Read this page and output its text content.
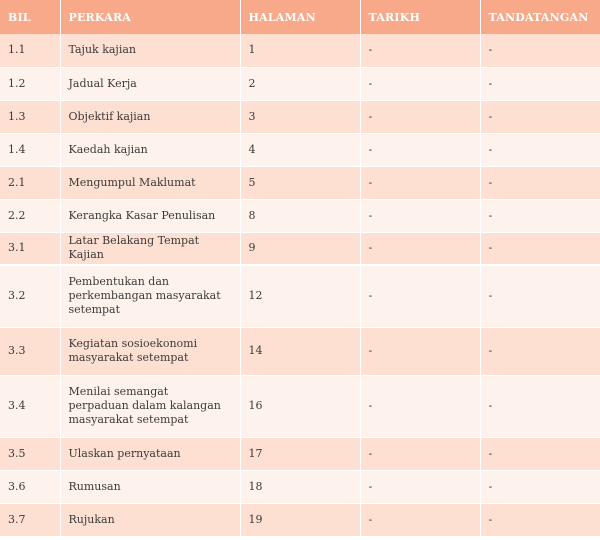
BIL	PERKARA	HALAMAN	TARIKH	TANDATANGAN
1.1	Tajuk kajian	1	-	-
1.2	Jadual Kerja	2	-	-
1.3	Objektif kajian	3	-	-
1.4	Kaedah kajian	4	-	-
2.1	Mengumpul Maklumat	5	-	-
2.2	Kerangka Kasar Penulisan	8	-	-
3.1	Latar Belakang Tempat Kajian	9	-	-
3.2	Pembentukan dan perkembangan masyarakat setempat	12	-	-
3.3	Kegiatan sosioekonomi masyarakat setempat	14	-	-
3.4	Menilai semangat perpaduan dalam kalangan masyarakat setempat	16	-	-
3.5	Ulaskan pernyataan	17	-	-
3.6	Rumusan	18	-	-
3.7	Rujukan	19	-	-
